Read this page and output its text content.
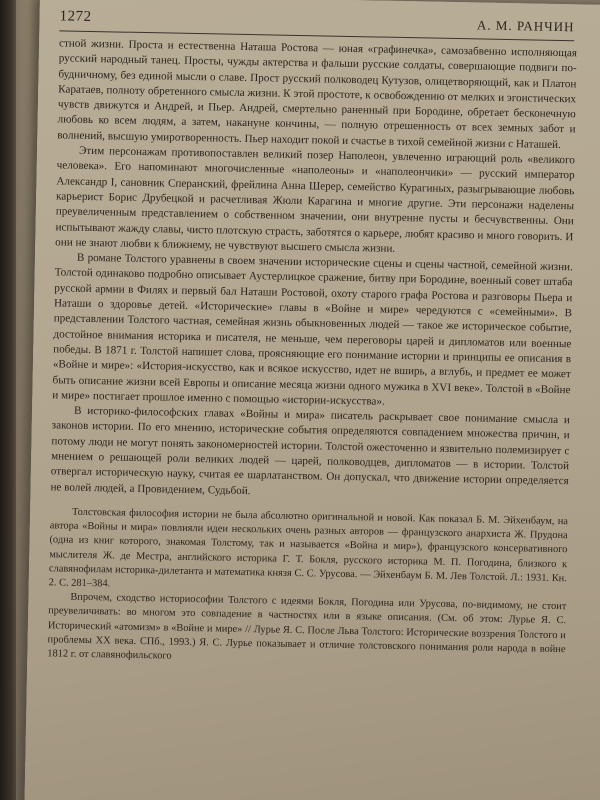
1272
А. М. РАНЧИН

стной жизни. Проста и естественна Наташа Ростова — юная «графинечка», самозабвенно исполняющая русский народный танец. Просты, чужды актерства и фальши русские солдаты, совершающие подвиги по-будничному, без единой мысли о славе. Прост русский полководец Кутузов, олицетворяющий, как и Платон Каратаев, полноту обретенного смысла жизни. К этой простоте, к освобождению от мелких и эгоистических чувств движутся и Андрей, и Пьер. Андрей, смертельно раненный при Бородине, обретает бесконечную любовь ко всем людям, а затем, накануне кончины, — полную отрешенность от всех земных забот и волнений, высшую умиротворенность. Пьер находит покой и счастье в тихой семейной жизни с Наташей.

Этим персонажам противопоставлен великий позер Наполеон, увлеченно играющий роль «великого человека». Его напоминают многочисленные «наполеоны» и «наполеончики» — русский император Александр I, сановник Сперанский, фрейлина Анна Шерер, семейство Курагиных, разыгрывающие любовь карьерист Борис Друбецкой и расчетливая Жюли Карагина и многие другие. Эти персонажи наделены преувеличенным представлением о собственном значении, они внутренне пусты и бесчувственны. Они испытывают жажду славы, чисто плотскую страсть, заботятся о карьере, любят красиво и много говорить. И они не знают любви к ближнему, не чувствуют высшего смысла жизни.

В романе Толстого уравнены в своем значении исторические сцены и сцены частной, семейной жизни. Толстой одинаково подробно описывает Аустерлицкое сражение, битву при Бородине, военный совет штаба русской армии в Филях и первый бал Наташи Ростовой, охоту старого графа Ростова и разговоры Пьера и Наташи о здоровье детей. «Исторические» главы в «Войне и мире» чередуются с «семейными». В представлении Толстого частная, семейная жизнь обыкновенных людей — такое же историческое событие, достойное внимания историка и писателя, не меньше, чем переговоры царей и дипломатов или военные победы. В 1871 г. Толстой напишет слова, проясняющие его понимание истории и принципы ее описания в «Войне и мире»: «История-искусство, как и всякое искусство, идет не вширь, а вглубь, и предмет ее может быть описание жизни всей Европы и описание месяца жизни одного мужика в XVI веке». Толстой в «Войне и мире» постигает прошлое именно с помощью «истории-искусства».

В историко-философских главах «Войны и мира» писатель раскрывает свое понимание смысла и законов истории. По его мнению, исторические события определяются совпадением множества причин, и потому люди не могут понять закономерностей истории. Толстой ожесточенно и язвительно полемизирует с мнением о решающей роли великих людей — царей, полководцев, дипломатов — в истории. Толстой отвергал историческую науку, считая ее шарлатанством. Он допускал, что движение истории определяется не волей людей, а Провидением, Судьбой.

Толстовская философия истории не была абсолютно оригинальной и новой. Как показал Б. М. Эйхенбаум, на автора «Войны и мира» повлияли идеи нескольких очень разных авторов — французского анархиста Ж. Прудона (одна из книг которого, знакомая Толстому, так и называется «Война и мир»), французского консервативного мыслителя Ж. де Местра, английского историка Г. Т. Бокля, русского историка М. П. Погодина, близкого к славянофилам историка-дилетанта и математика князя С. С. Урусова. — Эйхенбаум Б. М. Лев Толстой. Л.: 1931. Кн. 2. С. 281–384.

Впрочем, сходство историософии Толстого с идеями Бокля, Погодина или Урусова, по-видимому, не стоит преувеличивать: во многом это совпадение в частностях или в языке описания. (См. об этом: Лурье Я. С. Исторический «атомизм» в «Войне и мире» // Лурье Я. С. После Льва Толстого: Исторические воззрения Толстого и проблемы XX века. СПб., 1993.) Я. С. Лурье показывает и отличие толстовского понимания роли народа в войне 1812 г. от славянофильского
